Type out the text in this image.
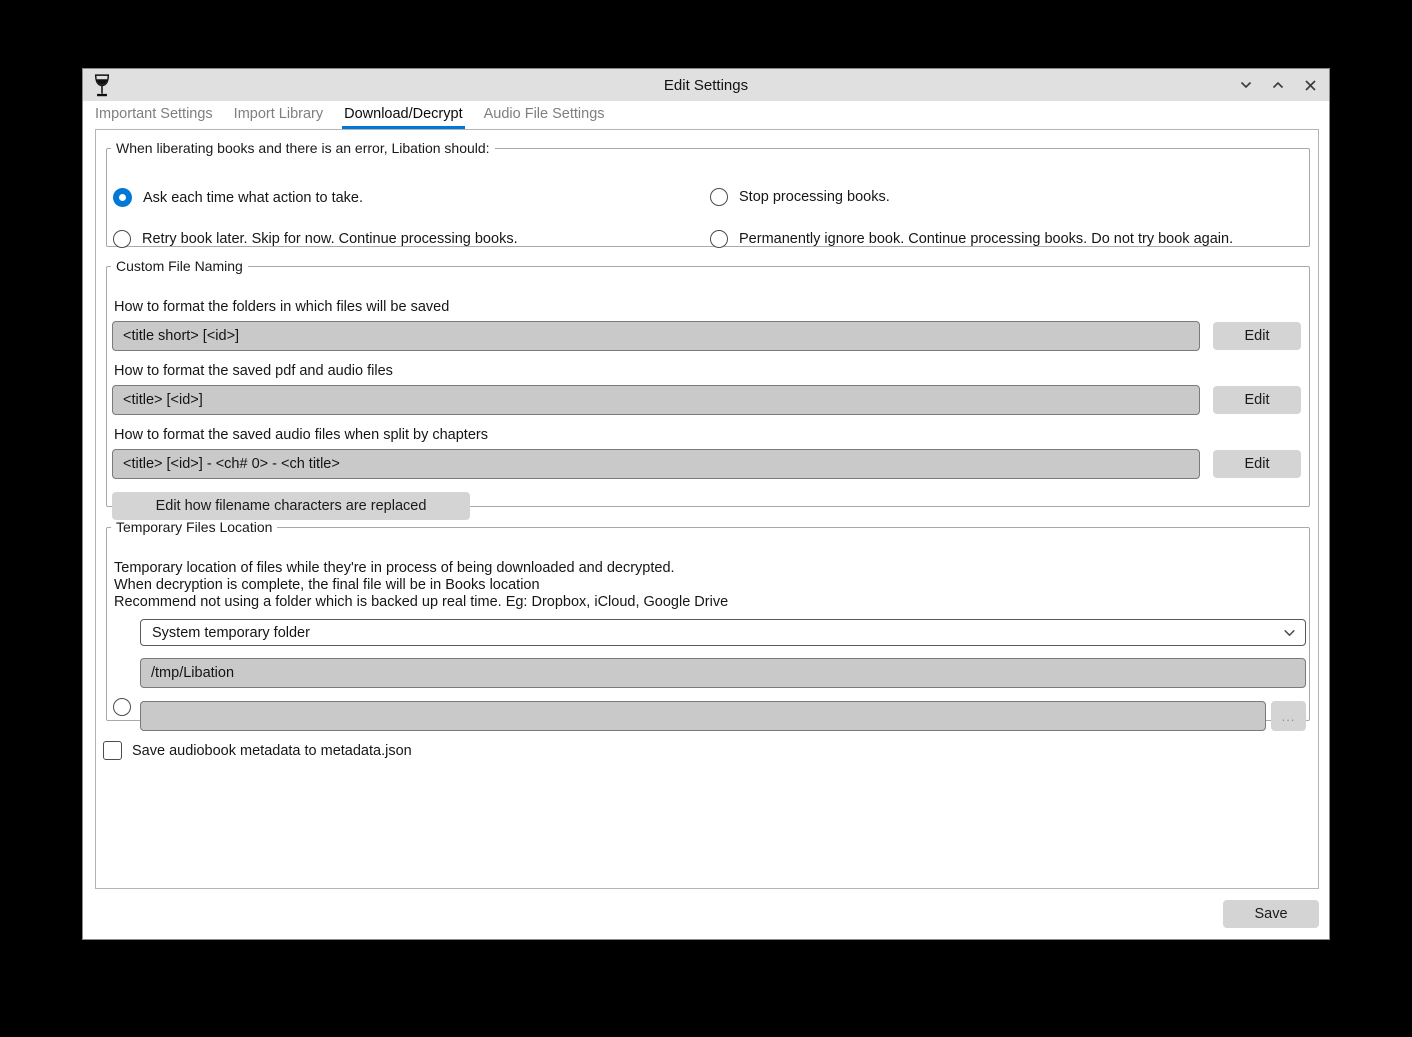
Edit Settings
Important Settings Import Library Download/Decrypt Audio File Settings
When liberating books and there is an error, Libation should:
Ask each time what action to take.
Retry book later. Skip for now. Continue processing books.
Stop processing books.
Permanently ignore book. Continue processing books. Do not try book again.
Custom File Naming
How to format the folders in which files will be saved
<title short> [<id>]	Edit
How to format the saved pdf and audio files
<title> [<id>]	Edit
How to format the saved audio files when split by chapters
<title> [<id>] - <ch# 0> - <ch title>	Edit
Edit how filename characters are replaced
Temporary Files Location
Temporary location of files while they're in process of being downloaded and decrypted.
When decryption is complete, the final file will be in Books location
Recommend not using a folder which is backed up real time. Eg: Dropbox, iCloud, Google Drive
System temporary folder
/tmp/Libation
...
Save audiobook metadata to metadata.json
Save
